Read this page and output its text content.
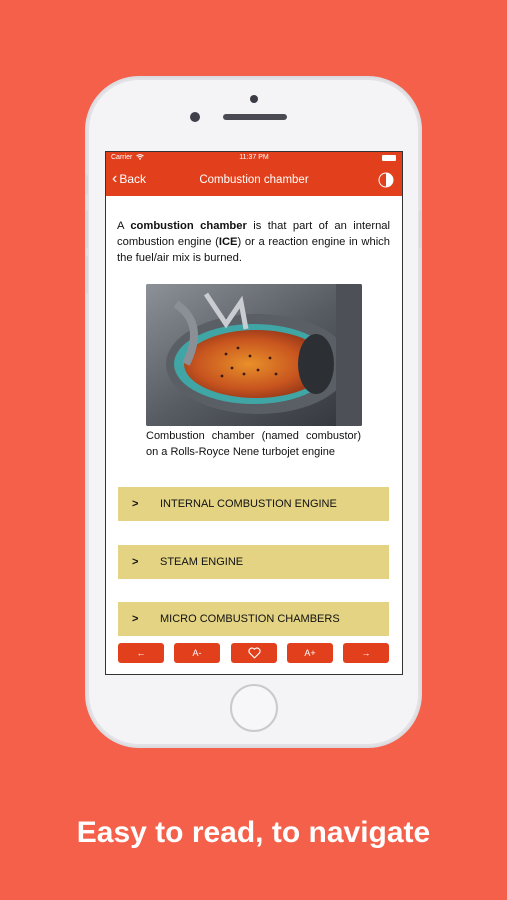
Carrier	11:37 PM
‹ Back	Combustion chamber
A combustion chamber is that part of an internal combustion engine (ICE) or a reaction engine in which the fuel/air mix is burned.
Combustion chamber (named combustor) on a Rolls-Royce Nene turbojet engine
>	INTERNAL COMBUSTION ENGINE
>	STEAM ENGINE
>	MICRO COMBUSTION CHAMBERS
←	A-	A+	→
Easy to read, to navigate
